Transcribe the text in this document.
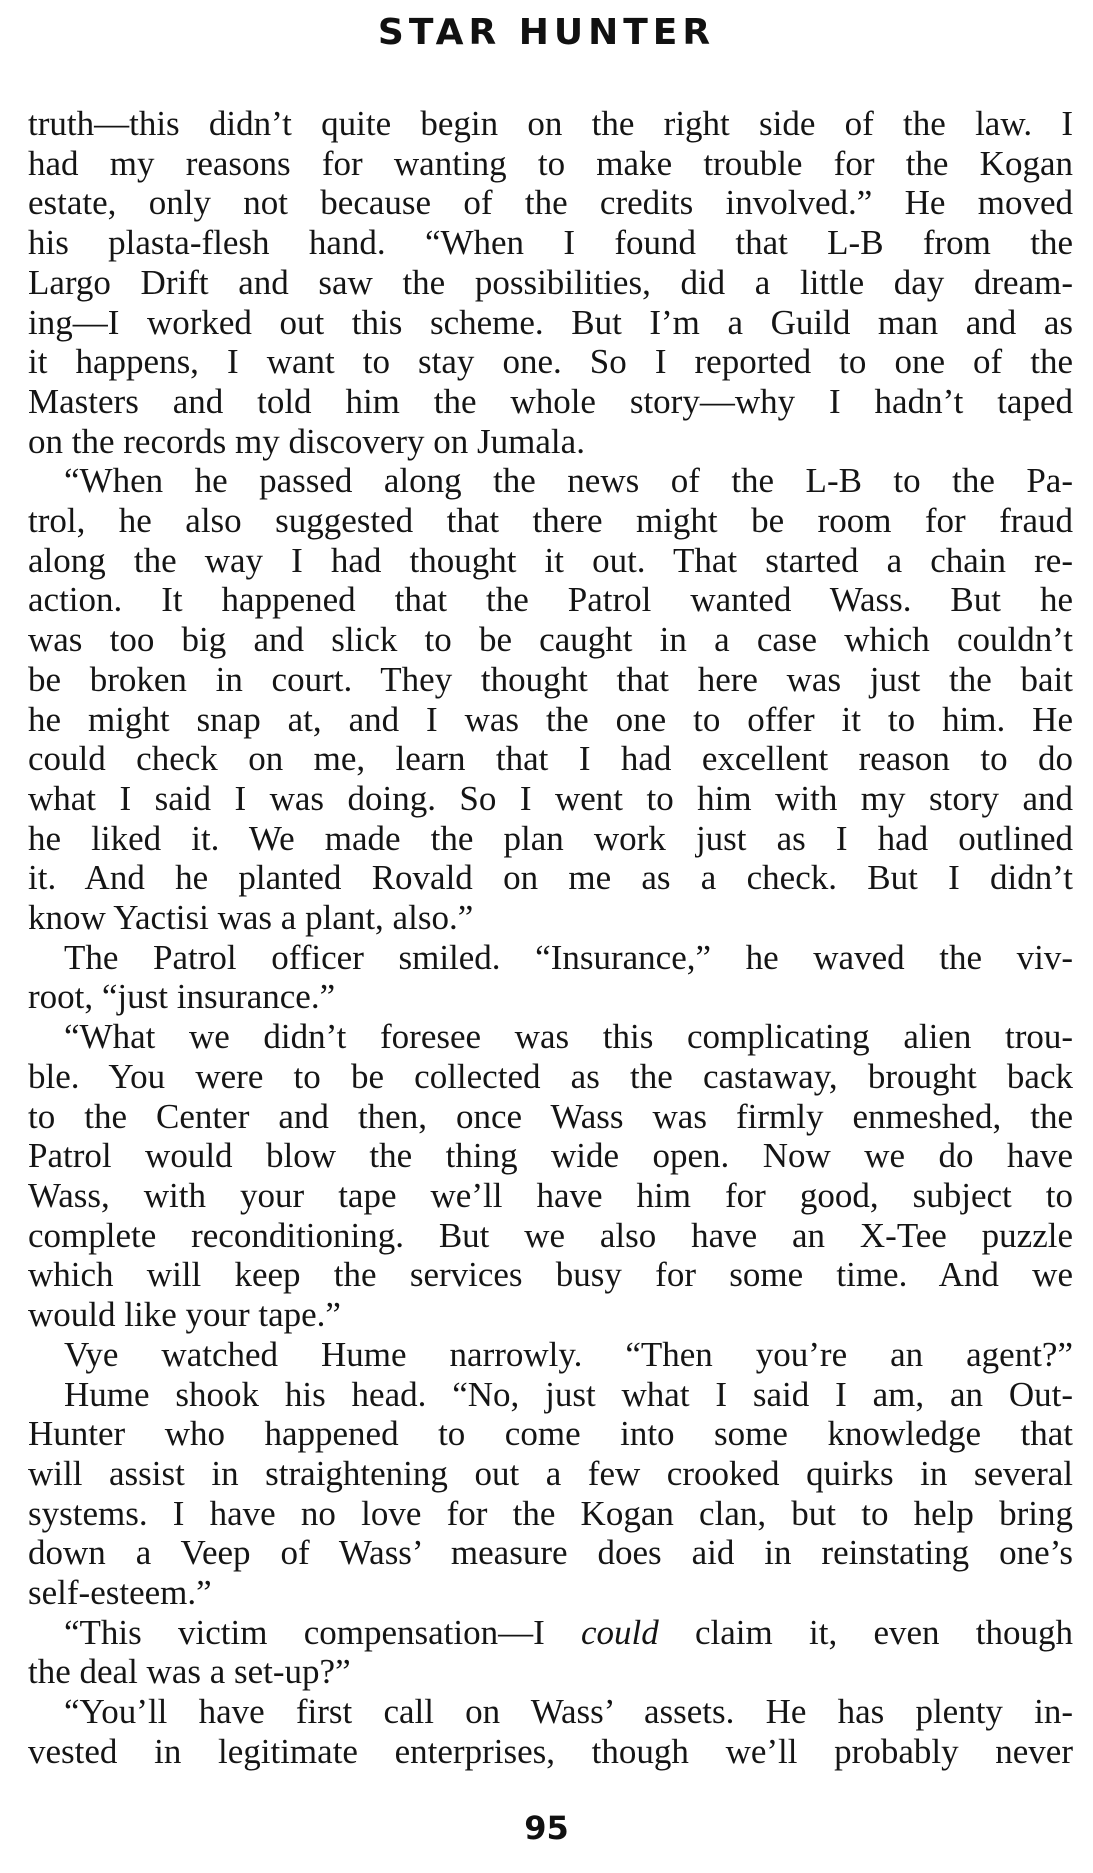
STAR HUNTER
truth—this didn’t quite begin on the right side of the law. I
had my reasons for wanting to make trouble for the Kogan
estate, only not because of the credits involved.” He moved
his plasta-flesh hand. “When I found that L-B from the
Largo Drift and saw the possibilities, did a little day dream-
ing—I worked out this scheme. But I’m a Guild man and as
it happens, I want to stay one. So I reported to one of the
Masters and told him the whole story—why I hadn’t taped
on the records my discovery on Jumala.
“When he passed along the news of the L-B to the Pa-
trol, he also suggested that there might be room for fraud
along the way I had thought it out. That started a chain re-
action. It happened that the Patrol wanted Wass. But he
was too big and slick to be caught in a case which couldn’t
be broken in court. They thought that here was just the bait
he might snap at, and I was the one to offer it to him. He
could check on me, learn that I had excellent reason to do
what I said I was doing. So I went to him with my story and
he liked it. We made the plan work just as I had outlined
it. And he planted Rovald on me as a check. But I didn’t
know Yactisi was a plant, also.”
The Patrol officer smiled. “Insurance,” he waved the viv-
root, “just insurance.”
“What we didn’t foresee was this complicating alien trou-
ble. You were to be collected as the castaway, brought back
to the Center and then, once Wass was firmly enmeshed, the
Patrol would blow the thing wide open. Now we do have
Wass, with your tape we’ll have him for good, subject to
complete reconditioning. But we also have an X-Tee puzzle
which will keep the services busy for some time. And we
would like your tape.”
Vye watched Hume narrowly. “Then you’re an agent?”
Hume shook his head. “No, just what I said I am, an Out-
Hunter who happened to come into some knowledge that
will assist in straightening out a few crooked quirks in several
systems. I have no love for the Kogan clan, but to help bring
down a Veep of Wass’ measure does aid in reinstating one’s
self-esteem.”
“This victim compensation—I could claim it, even though
the deal was a set-up?”
“You’ll have first call on Wass’ assets. He has plenty in-
vested in legitimate enterprises, though we’ll probably never
95
